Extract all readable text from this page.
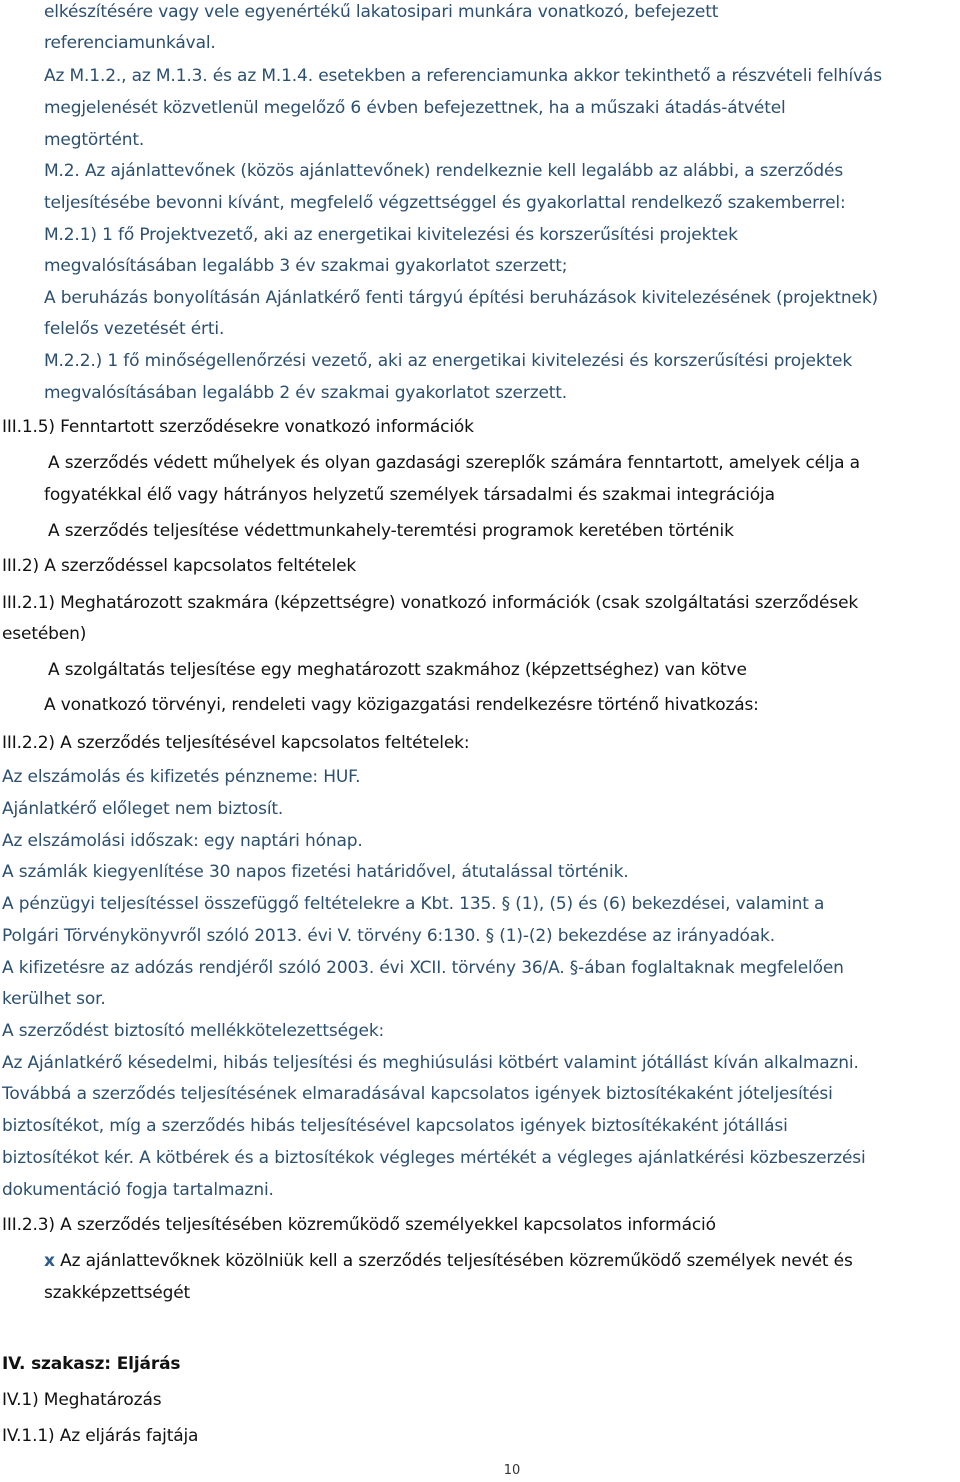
elkészítésére vagy vele egyenértékű lakatosipari munkára vonatkozó, befejezett
referenciamunkával.
Az M.1.2., az M.1.3. és az M.1.4. esetekben a referenciamunka akkor tekinthető a részvételi felhívás
megjelenését közvetlenül megelőző 6 évben befejezettnek, ha a műszaki átadás-átvétel
megtörtént.
M.2. Az ajánlattevőnek (közös ajánlattevőnek) rendelkeznie kell legalább az alábbi, a szerződés
teljesítésébe bevonni kívánt, megfelelő végzettséggel és gyakorlattal rendelkező szakemberrel:
M.2.1) 1 fő Projektvezető, aki az energetikai kivitelezési és korszerűsítési projektek
megvalósításában legalább 3 év szakmai gyakorlatot szerzett;
A beruházás bonyolításán Ajánlatkérő fenti tárgyú építési beruházások kivitelezésének (projektnek)
felelős vezetését érti.
M.2.2.) 1 fő minőségellenőrzési vezető, aki az energetikai kivitelezési és korszerűsítési projektek
megvalósításában legalább 2 év szakmai gyakorlatot szerzett.
III.1.5) Fenntartott szerződésekre vonatkozó információk
A szerződés védett műhelyek és olyan gazdasági szereplők számára fenntartott, amelyek célja a
fogyatékkal élő vagy hátrányos helyzetű személyek társadalmi és szakmai integrációja
A szerződés teljesítése védettmunkahely-teremtési programok keretében történik
III.2) A szerződéssel kapcsolatos feltételek
III.2.1) Meghatározott szakmára (képzettségre) vonatkozó információk (csak szolgáltatási szerződések
esetében)
A szolgáltatás teljesítése egy meghatározott szakmához (képzettséghez) van kötve
A vonatkozó törvényi, rendeleti vagy közigazgatási rendelkezésre történő hivatkozás:
III.2.2) A szerződés teljesítésével kapcsolatos feltételek:
Az elszámolás és kifizetés pénzneme: HUF.
Ajánlatkérő előleget nem biztosít.
Az elszámolási időszak: egy naptári hónap.
A számlák kiegyenlítése 30 napos fizetési határidővel, átutalással történik.
A pénzügyi teljesítéssel összefüggő feltételekre a Kbt. 135. § (1), (5) és (6) bekezdései, valamint a
Polgári Törvénykönyvről szóló 2013. évi V. törvény 6:130. § (1)-(2) bekezdése az irányadóak.
A kifizetésre az adózás rendjéről szóló 2003. évi XCII. törvény 36/A. §-ában foglaltaknak megfelelően
kerülhet sor.
A szerződést biztosító mellékkötelezettségek:
Az Ajánlatkérő késedelmi, hibás teljesítési és meghiúsulási kötbért valamint jótállást kíván alkalmazni.
Továbbá a szerződés teljesítésének elmaradásával kapcsolatos igények biztosítékaként jóteljesítési
biztosítékot, míg a szerződés hibás teljesítésével kapcsolatos igények biztosítékaként jótállási
biztosítékot kér. A kötbérek és a biztosítékok végleges mértékét a végleges ajánlatkérési közbeszerzési
dokumentáció fogja tartalmazni.
III.2.3) A szerződés teljesítésében közreműködő személyekkel kapcsolatos információ
x Az ajánlattevőknek közölniük kell a szerződés teljesítésében közreműködő személyek nevét és
szakképzettségét
IV. szakasz: Eljárás
IV.1) Meghatározás
IV.1.1) Az eljárás fajtája
10
